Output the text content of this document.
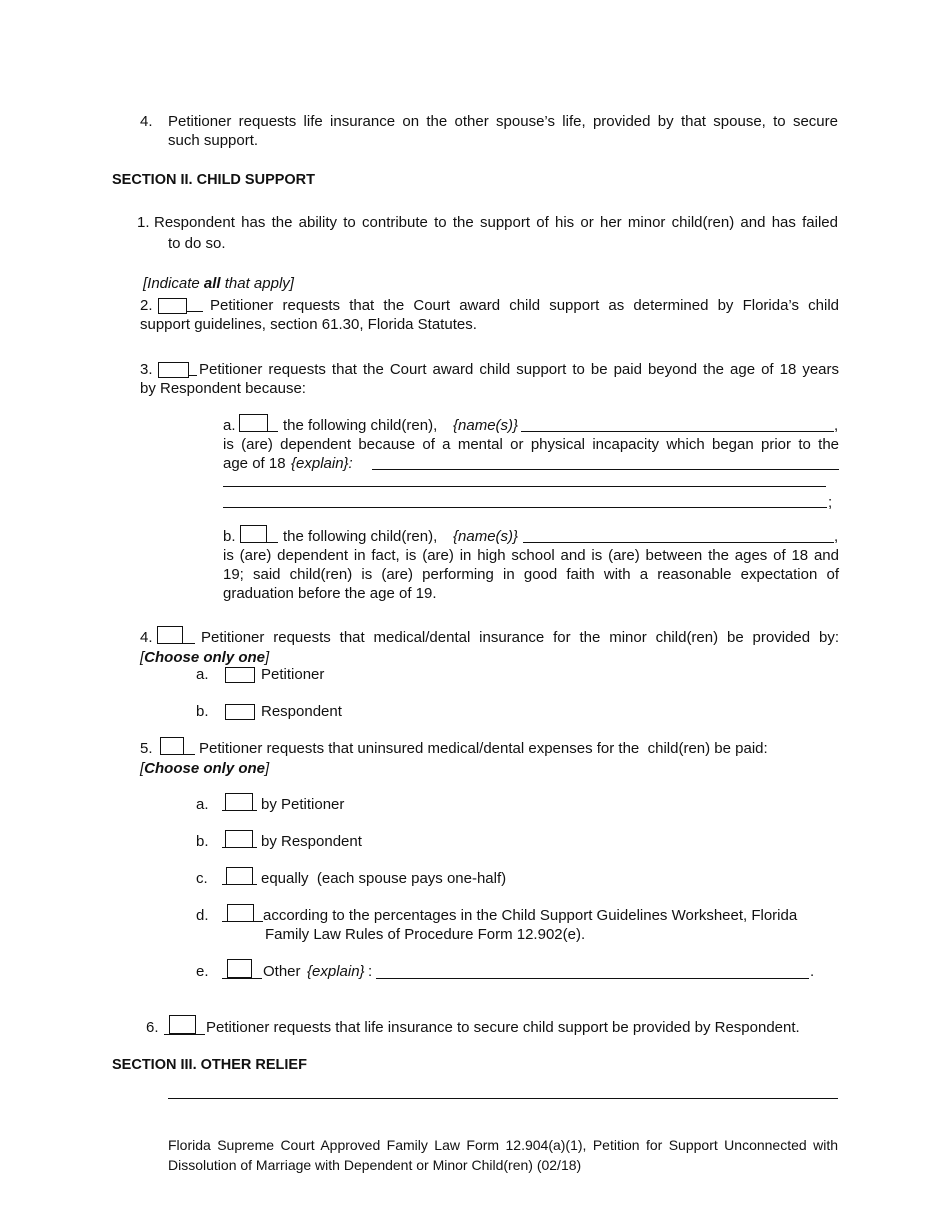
4. Petitioner requests life insurance on the other spouse’s life, provided by that spouse, to secure
such support.
SECTION II. CHILD SUPPORT
1. Respondent has the ability to contribute to the support of his or her minor child(ren) and has failed
to do so.
[Indicate all that apply]
2.	Petitioner requests that the Court award child support as determined by Florida’s child
support guidelines, section 61.30, Florida Statutes.
3.	Petitioner requests that the Court award child support to be paid beyond the age of 18 years
by Respondent because:
a.	the following child(ren), {name(s)}	,
is (are) dependent because of a mental or physical incapacity which began prior to the
age of 18 {explain}:
;
b.	the following child(ren), {name(s)}	,
is (are) dependent in fact, is (are) in high school and is (are) between the ages of 18 and
19; said child(ren) is (are) performing in good faith with a reasonable expectation of
graduation before the age of 19.
4.	Petitioner requests that medical/dental insurance for the minor child(ren) be provided by:
[Choose only one]
a.	Petitioner
b.	Respondent
5.	Petitioner requests that uninsured medical/dental expenses for the  child(ren) be paid:
[Choose only one]
a.	by Petitioner
b.	by Respondent
c.	equally  (each spouse pays one-half)
d.	according to the percentages in the Child Support Guidelines Worksheet, Florida
Family Law Rules of Procedure Form 12.902(e).
e.	Other {explain} :	.
6.	Petitioner requests that life insurance to secure child support be provided by Respondent.
SECTION III. OTHER RELIEF
Florida Supreme Court Approved Family Law Form 12.904(a)(1), Petition for Support Unconnected with
Dissolution of Marriage with Dependent or Minor Child(ren) (02/18)
